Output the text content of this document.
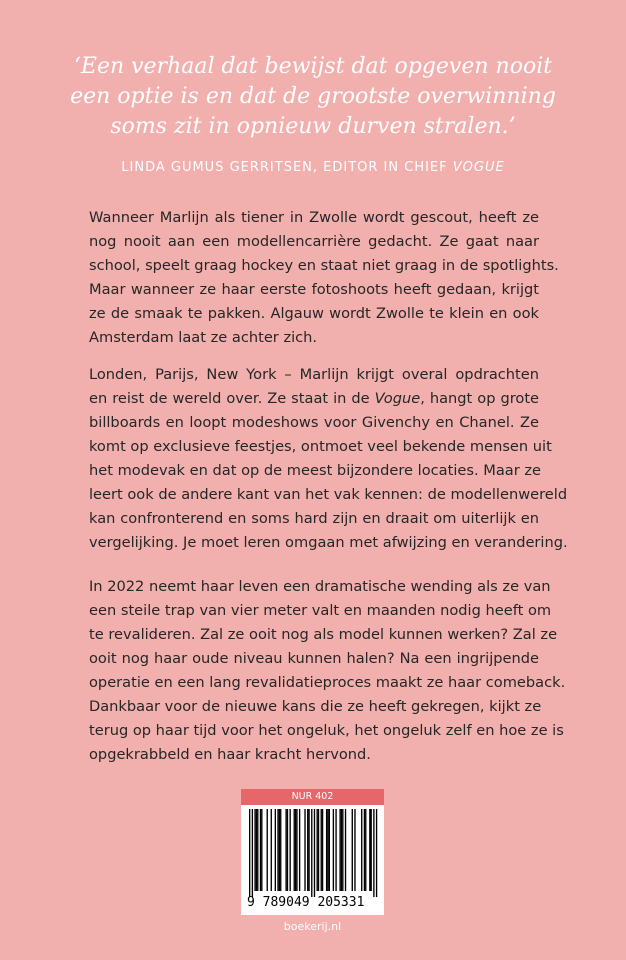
‘Een verhaal dat bewijst dat opgeven nooit
een optie is en dat de grootste overwinning
soms zit in opnieuw durven stralen.’
LINDA GUMUS GERRITSEN, EDITOR IN CHIEF VOGUE
Wanneer Marlijn als tiener in Zwolle wordt gescout, heeft ze
nog nooit aan een modellencarrière gedacht. Ze gaat naar
school, speelt graag hockey en staat niet graag in de spotlights.
Maar wanneer ze haar eerste fotoshoots heeft gedaan, krijgt
ze de smaak te pakken. Algauw wordt Zwolle te klein en ook
Amsterdam laat ze achter zich.
Londen, Parijs, New York – Marlijn krijgt overal opdrachten
en reist de wereld over. Ze staat in de Vogue, hangt op grote
billboards en loopt modeshows voor Givenchy en Chanel. Ze
komt op exclusieve feestjes, ontmoet veel bekende mensen uit
het modevak en dat op de meest bijzondere locaties. Maar ze
leert ook de andere kant van het vak kennen: de modellenwereld
kan confronterend en soms hard zijn en draait om uiterlijk en
vergelijking. Je moet leren omgaan met afwijzing en verandering.
In 2022 neemt haar leven een dramatische wending als ze van
een steile trap van vier meter valt en maanden nodig heeft om
te revalideren. Zal ze ooit nog als model kunnen werken? Zal ze
ooit nog haar oude niveau kunnen halen? Na een ingrijpende
operatie en een lang revalidatieproces maakt ze haar comeback.
Dankbaar voor de nieuwe kans die ze heeft gekregen, kijkt ze
terug op haar tijd voor het ongeluk, het ongeluk zelf en hoe ze is
opgekrabbeld en haar kracht hervond.
NUR 402
9 789049 205331
boekerij.nl
